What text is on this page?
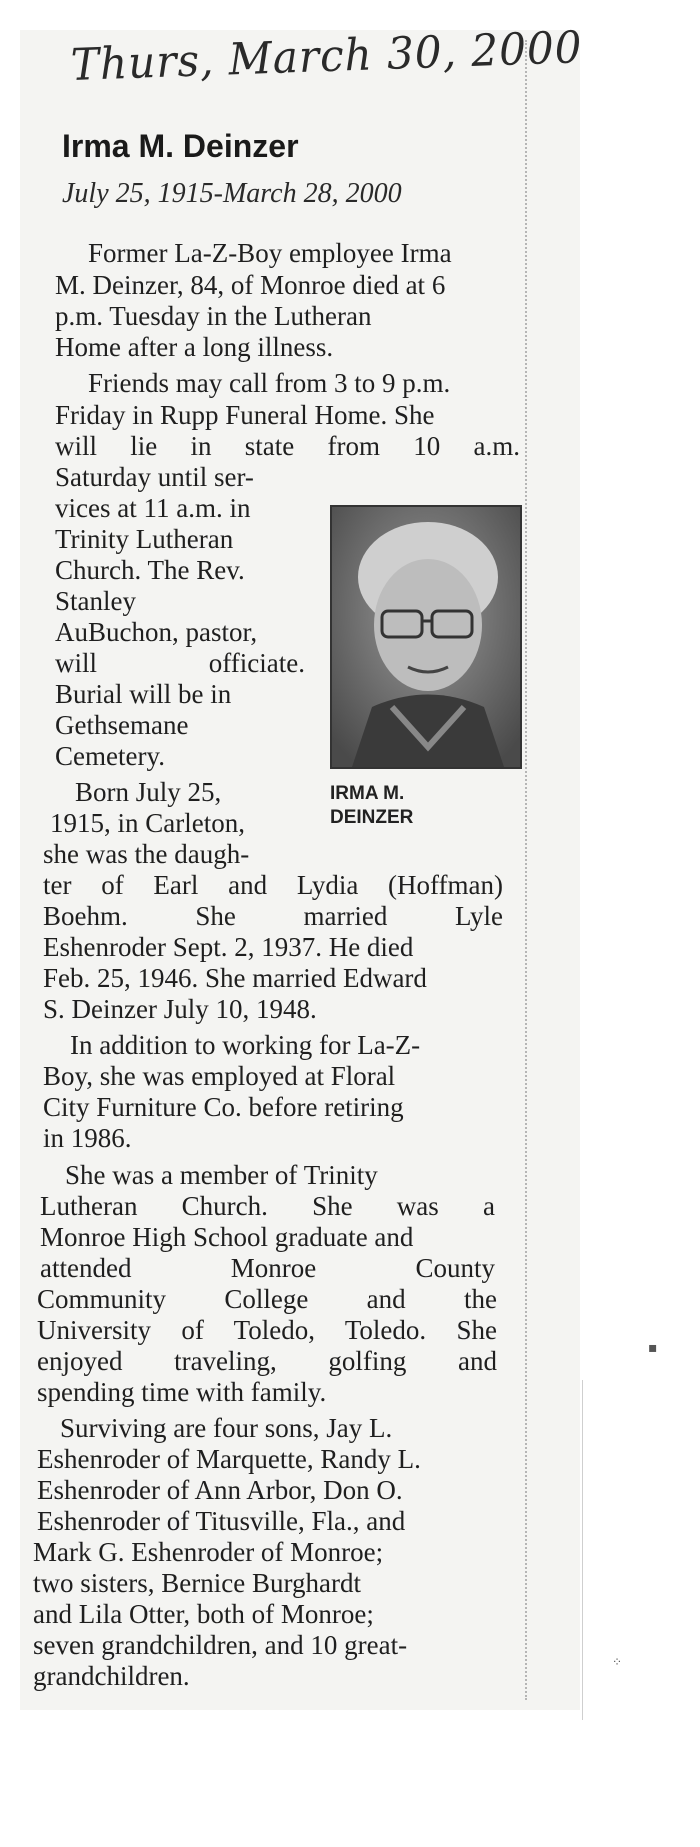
Thurs, March 30, 2000
Irma M. Deinzer
July 25, 1915-March 28, 2000
Former La-Z-Boy employee Irma
M. Deinzer, 84, of Monroe died at 6
p.m. Tuesday in the Lutheran
Home after a long illness.
Friends may call from 3 to 9 p.m.
Friday in Rupp Funeral Home. She
will lie in state from 10 a.m.
Saturday until ser-
vices at 11 a.m. in
Trinity Lutheran
Church. The Rev.
Stanley
AuBuchon, pastor,
will officiate.
Burial will be in
Gethsemane
Cemetery.
Born July 25,
1915, in Carleton,
she was the daugh-
ter of Earl and Lydia (Hoffman)
Boehm. She married Lyle
Eshenroder Sept. 2, 1937. He died
Feb. 25, 1946. She married Edward
S. Deinzer July 10, 1948.
In addition to working for La-Z-
Boy, she was employed at Floral
City Furniture Co. before retiring
in 1986.
She was a member of Trinity
Lutheran Church. She was a
Monroe High School graduate and
attended Monroe County
Community College and the
University of Toledo, Toledo. She
enjoyed traveling, golfing and
spending time with family.
Surviving are four sons, Jay L.
Eshenroder of Marquette, Randy L.
Eshenroder of Ann Arbor, Don O.
Eshenroder of Titusville, Fla., and
Mark G. Eshenroder of Monroe;
two sisters, Bernice Burghardt
and Lila Otter, both of Monroe;
seven grandchildren, and 10 great-
grandchildren.
IRMA M.
DEINZER
▪
⁘
